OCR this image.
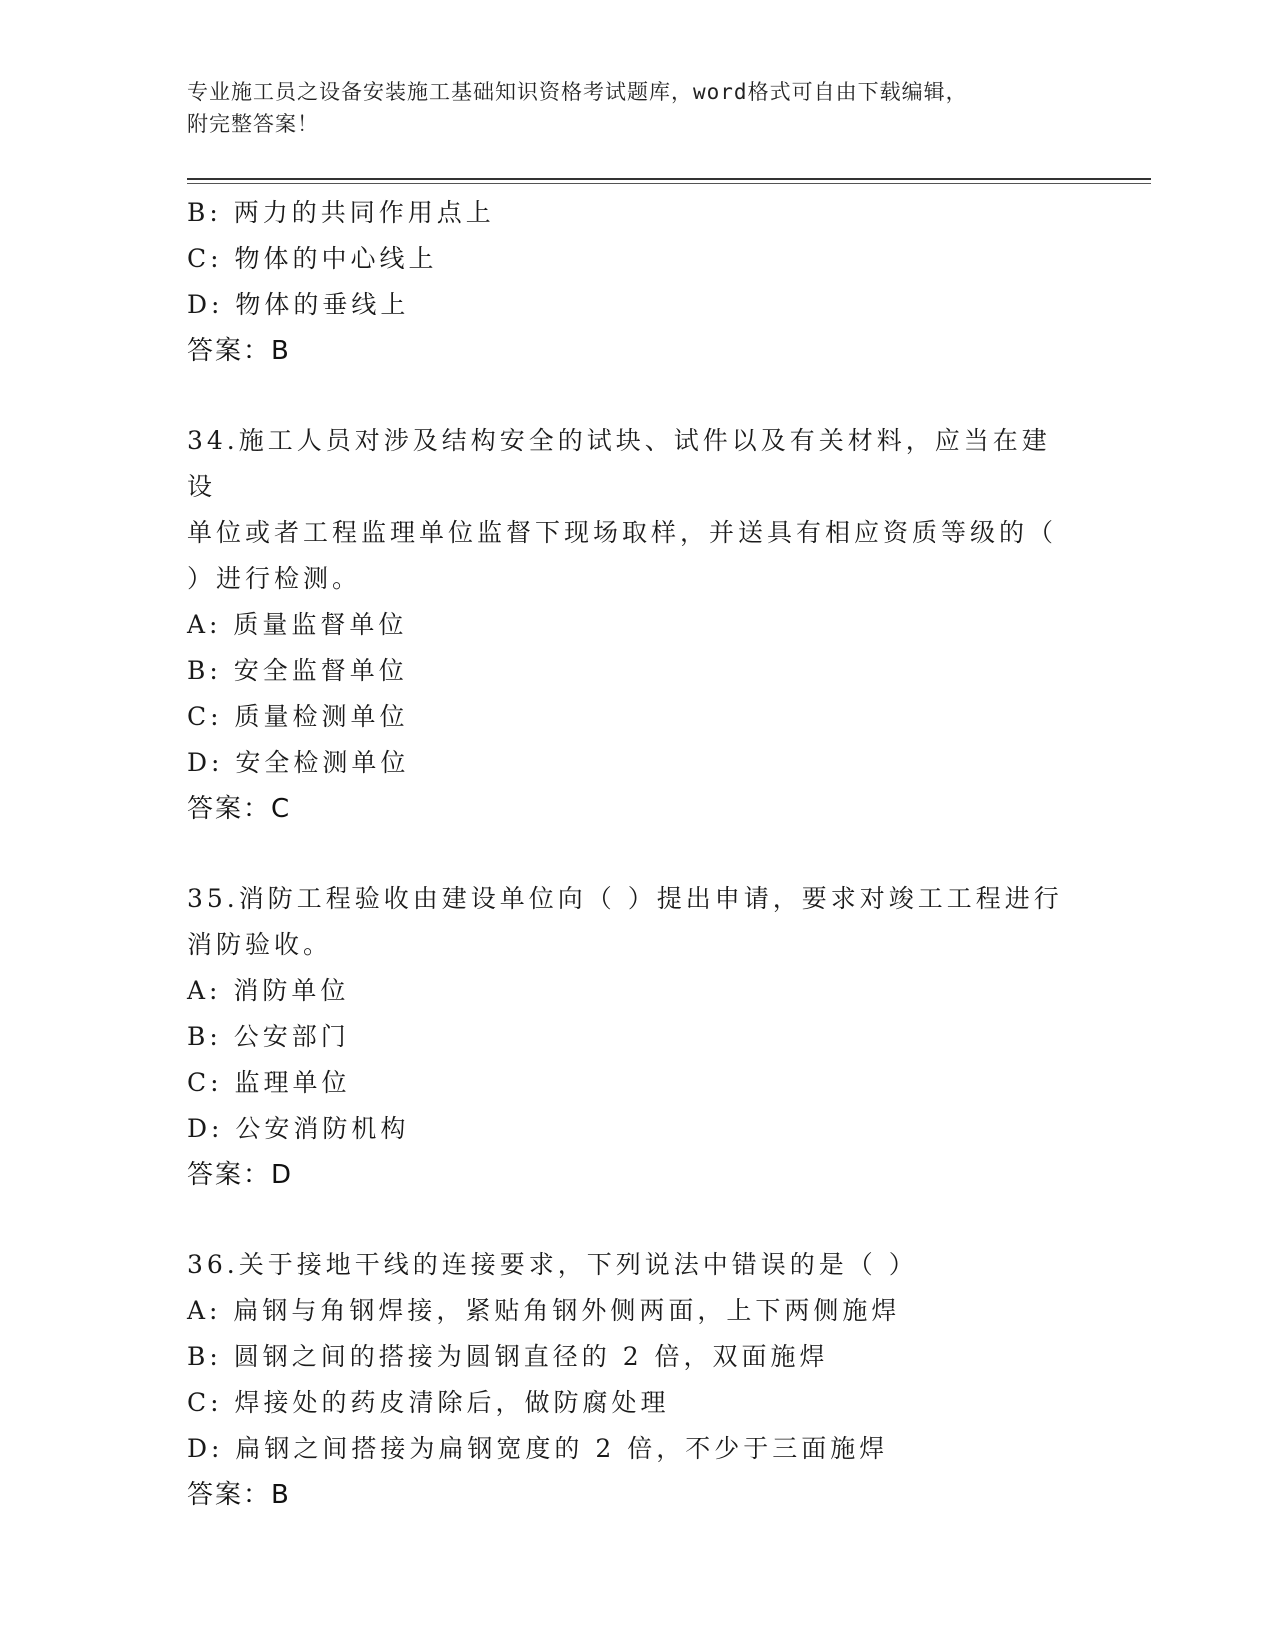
专业施工员之设备安装施工基础知识资格考试题库，word格式可自由下载编辑，
附完整答案！
B: 两力的共同作用点上
C: 物体的中心线上
D: 物体的垂线上
答案：B
34.施工人员对涉及结构安全的试块、试件以及有关材料，应当在建设
单位或者工程监理单位监督下现场取样，并送具有相应资质等级的（
）进行检测。
A: 质量监督单位
B: 安全监督单位
C: 质量检测单位
D: 安全检测单位
答案：C
35.消防工程验收由建设单位向（ ）提出申请，要求对竣工工程进行
消防验收。
A: 消防单位
B: 公安部门
C: 监理单位
D: 公安消防机构
答案：D
36.关于接地干线的连接要求，下列说法中错误的是（ ）
A: 扁钢与角钢焊接，紧贴角钢外侧两面，上下两侧施焊
B: 圆钢之间的搭接为圆钢直径的 2 倍，双面施焊
C: 焊接处的药皮清除后，做防腐处理
D: 扁钢之间搭接为扁钢宽度的 2 倍，不少于三面施焊
答案：B
